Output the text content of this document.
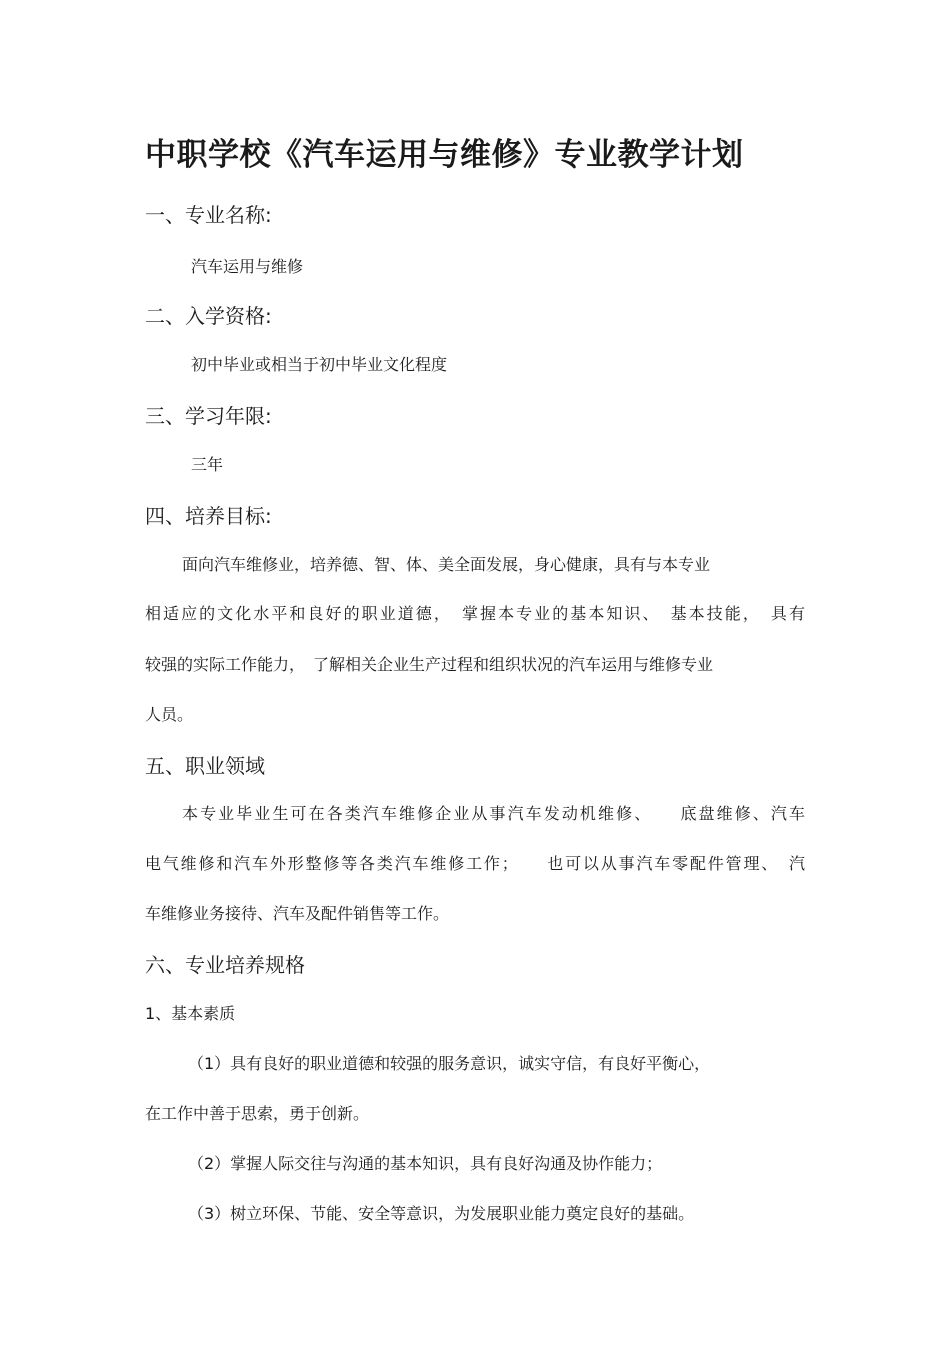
中职学校《汽车运用与维修》专业教学计划
一、专业名称:
汽车运用与维修
二、入学资格:
初中毕业或相当于初中毕业文化程度
三、学习年限:
三年
四、培养目标:
面向汽车维修业，培养德、智、体、美全面发展，身心健康，具有与本专业
相适应的文化水平和良好的职业道德，　掌握本专业的基本知识、　基本技能，　具有
较强的实际工作能力，　了解相关企业生产过程和组织状况的汽车运用与维修专业
人员。
五、职业领域
本专业毕业生可在各类汽车维修企业从事汽车发动机维修、　　底盘维修、汽车
电气维修和汽车外形整修等各类汽车维修工作；　　也可以从事汽车零配件管理、　汽
车维修业务接待、汽车及配件销售等工作。
六、专业培养规格
1、基本素质
（1）具有良好的职业道德和较强的服务意识，诚实守信，有良好平衡心，
在工作中善于思索，勇于创新。
（2）掌握人际交往与沟通的基本知识，具有良好沟通及协作能力；
（3）树立环保、节能、安全等意识，为发展职业能力奠定良好的基础。
